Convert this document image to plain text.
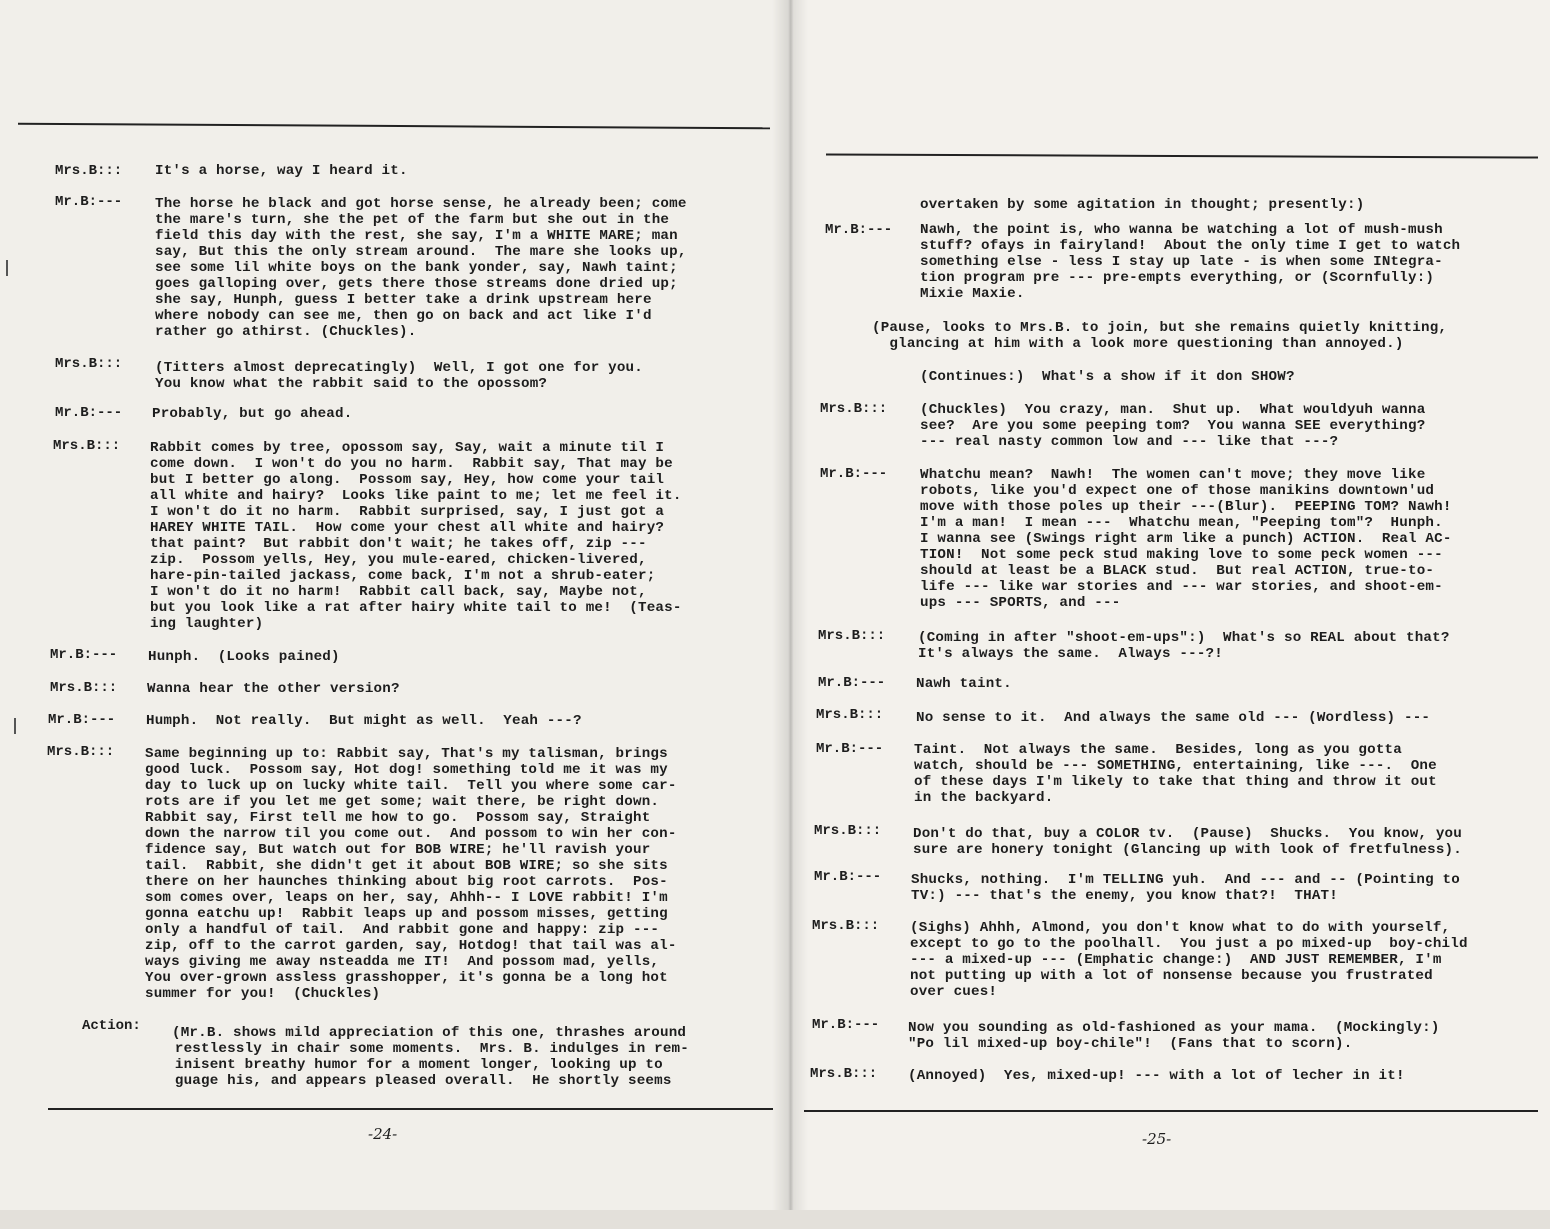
Mrs.B::: It's a horse, way I heard it.
Mr.B:--- The horse he black and got horse sense, he already been; come
the mare's turn, she the pet of the farm but she out in the
field this day with the rest, she say, I'm a WHITE MARE; man
say, But this the only stream around.  The mare she looks up,
see some lil white boys on the bank yonder, say, Nawh taint;
goes galloping over, gets there those streams done dried up;
she say, Hunph, guess I better take a drink upstream here
where nobody can see me, then go on back and act like I'd
rather go athirst. (Chuckles).
Mrs.B::: (Titters almost deprecatingly)  Well, I got one for you.
You know what the rabbit said to the opossom?
Mr.B:--- Probably, but go ahead.
Mrs.B::: Rabbit comes by tree, opossom say, Say, wait a minute til I
come down.  I won't do you no harm.  Rabbit say, That may be
but I better go along.  Possom say, Hey, how come your tail
all white and hairy?  Looks like paint to me; let me feel it.
I won't do it no harm.  Rabbit surprised, say, I just got a
HAREY WHITE TAIL.  How come your chest all white and hairy?
that paint?  But rabbit don't wait; he takes off, zip ---
zip.  Possom yells, Hey, you mule-eared, chicken-livered,
hare-pin-tailed jackass, come back, I'm not a shrub-eater;
I won't do it no harm!  Rabbit call back, say, Maybe not,
but you look like a rat after hairy white tail to me!  (Teas-
ing laughter)
Mr.B:--- Hunph.  (Looks pained)
Mrs.B::: Wanna hear the other version?
Mr.B:--- Humph.  Not really.  But might as well.  Yeah ---?
Mrs.B::: Same beginning up to: Rabbit say, That's my talisman, brings
good luck.  Possom say, Hot dog! something told me it was my
day to luck up on lucky white tail.  Tell you where some car-
rots are if you let me get some; wait there, be right down.
Rabbit say, First tell me how to go.  Possom say, Straight
down the narrow til you come out.  And possom to win her con-
fidence say, But watch out for BOB WIRE; he'll ravish your
tail.  Rabbit, she didn't get it about BOB WIRE; so she sits
there on her haunches thinking about big root carrots.  Pos-
som comes over, leaps on her, say, Ahhh-- I LOVE rabbit! I'm
gonna eatchu up!  Rabbit leaps up and possom misses, getting
only a handful of tail.  And rabbit gone and happy: zip ---
zip, off to the carrot garden, say, Hotdog! that tail was al-
ways giving me away nsteadda me IT!  And possom mad, yells,
You over-grown assless grasshopper, it's gonna be a long hot
summer for you!  (Chuckles)
Action: (Mr.B. shows mild appreciation of this one, thrashes around
restlessly in chair some moments.  Mrs. B. indulges in rem-
inisent breathy humor for a moment longer, looking up to
guage his, and appears pleased overall.  He shortly seems
-24-
overtaken by some agitation in thought; presently:)
Mr.B:--- Nawh, the point is, who wanna be watching a lot of mush-mush
stuff? ofays in fairyland!  About the only time I get to watch
something else - less I stay up late - is when some INtegra-
tion program pre --- pre-empts everything, or (Scornfully:)
Mixie Maxie.
(Pause, looks to Mrs.B. to join, but she remains quietly knitting,
glancing at him with a look more questioning than annoyed.)
(Continues:)  What's a show if it don SHOW?
Mrs.B::: (Chuckles)  You crazy, man.  Shut up.  What wouldyuh wanna
see?  Are you some peeping tom?  You wanna SEE everything?
--- real nasty common low and --- like that ---?
Mr.B:--- Whatchu mean?  Nawh!  The women can't move; they move like
robots, like you'd expect one of those manikins downtown'ud
move with those poles up their ---(Blur).  PEEPING TOM? Nawh!
I'm a man!  I mean ---  Whatchu mean, "Peeping tom"?  Hunph.
I wanna see (Swings right arm like a punch) ACTION.  Real AC-
TION!  Not some peck stud making love to some peck women ---
should at least be a BLACK stud.  But real ACTION, true-to-
life --- like war stories and --- war stories, and shoot-em-
ups --- SPORTS, and ---
Mrs.B::: (Coming in after "shoot-em-ups":)  What's so REAL about that?
It's always the same.  Always ---?!
Mr.B:--- Nawh taint.
Mrs.B::: No sense to it.  And always the same old --- (Wordless) ---
Mr.B:--- Taint.  Not always the same.  Besides, long as you gotta
watch, should be --- SOMETHING, entertaining, like ---.  One
of these days I'm likely to take that thing and throw it out
in the backyard.
Mrs.B::: Don't do that, buy a COLOR tv.  (Pause)  Shucks.  You know, you
sure are honery tonight (Glancing up with look of fretfulness).
Mr.B:--- Shucks, nothing.  I'm TELLING yuh.  And --- and -- (Pointing to
TV:) --- that's the enemy, you know that?!  THAT!
Mrs.B::: (Sighs) Ahhh, Almond, you don't know what to do with yourself,
except to go to the poolhall.  You just a po mixed-up  boy-child
--- a mixed-up --- (Emphatic change:)  AND JUST REMEMBER, I'm
not putting up with a lot of nonsense because you frustrated
over cues!
Mr.B:--- Now you sounding as old-fashioned as your mama.  (Mockingly:)
"Po lil mixed-up boy-chile"!  (Fans that to scorn).
Mrs.B::: (Annoyed)  Yes, mixed-up! --- with a lot of lecher in it!
-25-
